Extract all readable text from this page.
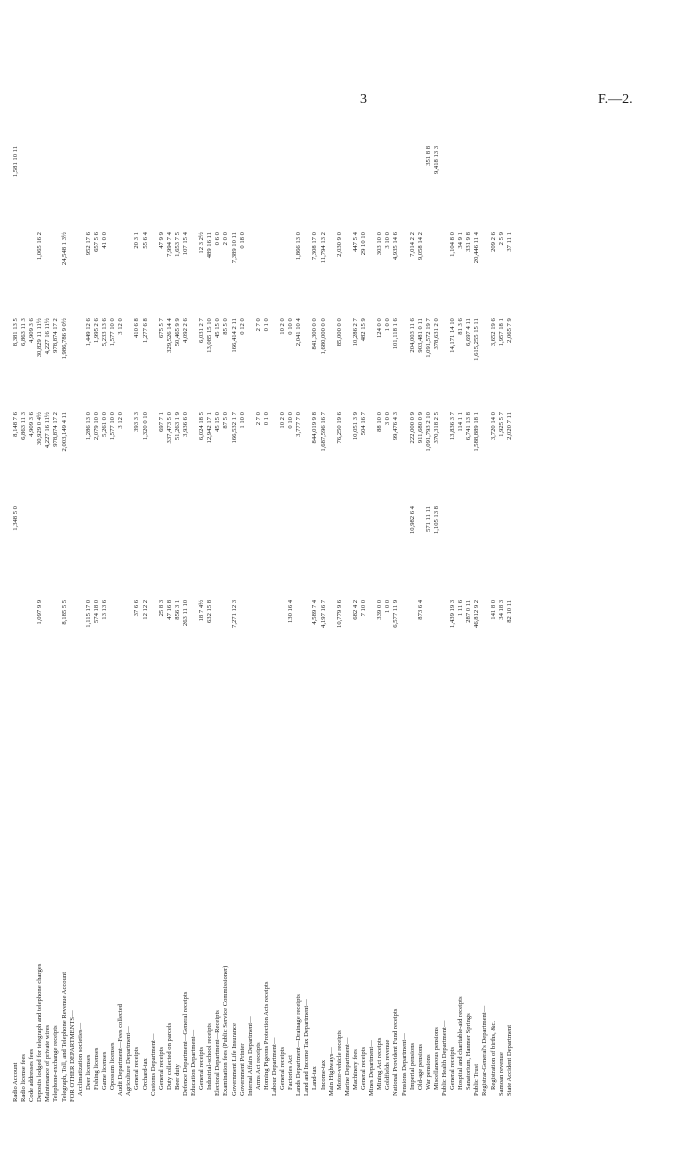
3	F.—2.
Radio Account		1,348 5 0	8,148 7 6	8,381 13 5		1,581 10 11
Radio license fees			6,863 11 3	6,863 11 3		
Code addresses fees			4,909 3 6	4,909 3 6		
Deposits lodged for telegraph and telephone charges	1,097 9 9		30,929 0 4½	30,829 11 11½	1,065 16 2	
Maintenance of private wires			4,227 16 11½	4,227 16 11½		
Telephone-exchange receipts			978,874 17 2	978,874 17 2		
Telegraph, Toll, and Telephone Revenue Account	8,185 5 5		2,003,149 4 11	1,986,786 9 0½	24,548 1 3½	
FOR OTHER DEPARTMENTS—						
Acclimatization societies—						
Deer licenses	1,115 17 0		1,286 13 0	1,449 12 6	952 17 6	
Fishing licenses	574 18 0		2,079 10 0	1,995 2 6	657 5 6	
Game licenses	13 13 6		5,261 0 0	5,233 13 6	41 0 0	
Opossum licenses			1,577 10 0	1,577 10 0		
Audit Department—Fees collected			3 12 0	3 12 0		
Agriculture Department—						
General receipts	37 6 6		393 3 3	410 6 8	20 3 1	
Orchard-tax	12 12 2		1,320 0 10	1,277 6 8	55 6 4	
Customs Department—						
General receipts	25 8 3		697 7 1	675 5 7	47 9 9	
Duty collected on parcels	47 16 8		337,473 5 0	329,526 14 4	7,994 7 4	
Beer duty	856 3 1		51,263 1 9	50,465 9 9	1,653 7 5	
Defence Department—General receipts	263 11 10		3,936 6 0	4,092 2 6	107 15 4	
Education Department—						
General receipts	18 7 4½		6,024 18 5	6,031 2 7	12 3 2½	
Industrial-school receipts	632 15 8		12,942 17 1	13,085 15 10	489 16 11	
Electoral Department—Receipts			45 15 0	45 15 0	0 6 0	
Examination fees (Public Service Commissioner)			87 5 0	85 5 0	2 0 0	
Government Life Insurance	7,271 12 3		166,532 1 7	166,414 2 11	7,389 10 11	
Government Printer			1 10 0	0 12 0	0 18 0	
Internal Affairs Department—						
Arms Act receipts			2 7 0	2 7 0		
Homing Pigeons Protection Acts receipts			0 1 0	0 1 0		
Labour Department—						
General receipts			10 2 0	10 2 0		
Factories Act	130 16 4		0 10 0	0 10 0		
Lands Department—Drainage receipts			3,777 7 0	2,041 10 4	1,866 13 0	
Land and Income Tax Department—						
Land-tax	4,589 7 4		844,019 9 8	841,300 0 0	7,308 17 0	
Income-tax	4,197 16 7		1,687,596 16 7	1,680,000 0 0	11,794 13 2	
Main Highways—						
Motor-vehicle receipts	10,779 9 6		76,250 19 6	85,000 0 0	2,030 9 0	
Marine Department—						
Machinery fees	682 4 2		10,051 3 9	10,286 2 7	447 5 4	
General receipts	7 10 0		504 16 7	482 15 9	29 10 10	
Mines Department—						
Mining Act receipts	339 0 0		88 10 0	124 0 0	303 10 0	
Goldfields revenue	1 0 0		3 0 0	1 0 0	3 10 0	
National Provident Fund receipts	6,577 11 9		99,476 4 3	101,118 1 6	4,935 14 6	
Pensions Department—						
Imperial pensions		10,982 6 4	222,000 0 9	204,003 11 6	7,014 2 2	
Old-age pensions	873 6 4		911,680 0 9	903,481 0 11	9,058 14 2	
War pensions		571 11 11	1,091,793 2 10	1,091,572 19 7		351 8 8
Miscellaneous pensions		1,105 13 8	370,318 2 5	378,631 2 0		9,418 13 3
Public Health Department—						
General receipts	1,439 19 3		13,836 3 7	14,171 14 10	1,104 8 0	
Hospital and charitable-aid receipts	1 11 6		114 1 1	81 3 6	34 9 1	
Sanatorium, Hanmer Springs	287 0 11		6,741 13 8	6,697 4 11	331 9 8	
Public Trust	46,812 9 2		1,588,889 18 1	1,615,255 15 11	20,446 11 4	
Registrar-General's Department—						
Registration of births, &c.	141 8 0		3,720 14 0	3,652 19 6	209 2 6	
Samoan revenue	34 18 3		1,925 5 7	1,957 18 1	2 5 9	
State Accident Department	82 10 11		2,020 7 11	2,065 7 9	37 11 1	
